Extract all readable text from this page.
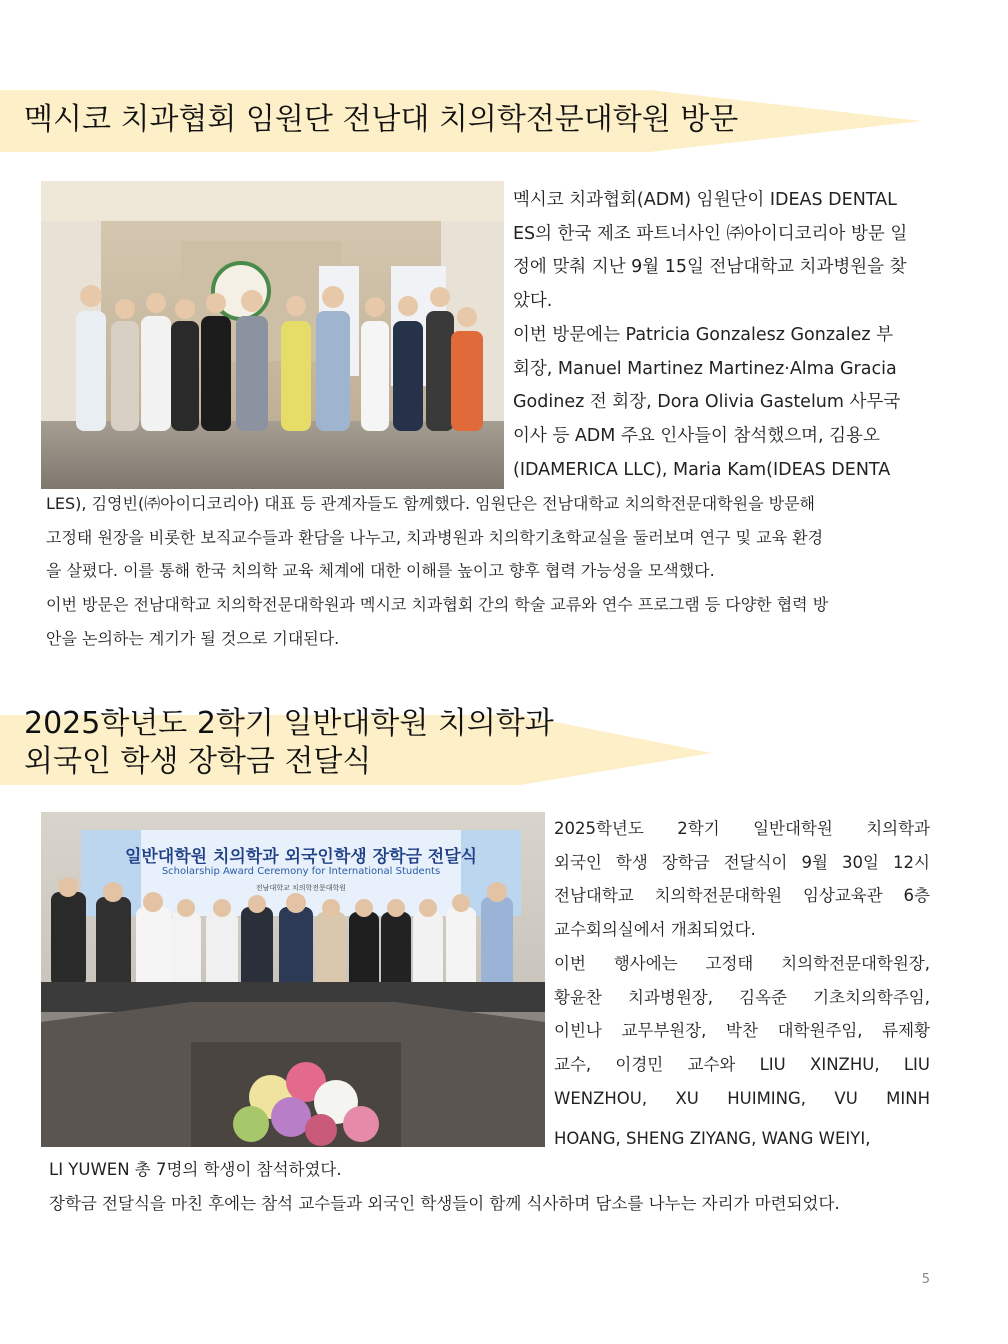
멕시코 치과협회 임원단 전남대 치의학전문대학원 방문

멕시코 치과협회(ADM) 임원단이 IDEAS DENTAL

ES의 한국 제조 파트너사인 ㈜아이디코리아 방문 일

정에 맞춰 지난 9월 15일 전남대학교 치과병원을 찾

았다.

이번 방문에는 Patricia Gonzalesz Gonzalez 부

회장, Manuel Martinez Martinez·Alma Gracia

Godinez 전 회장, Dora Olivia Gastelum 사무국

이사 등 ADM 주요 인사들이 참석했으며, 김용오

(IDAMERICA LLC), Maria Kam(IDEAS DENTA

LES), 김영빈(㈜아이디코리아) 대표 등 관계자들도 함께했다. 임원단은 전남대학교 치의학전문대학원을 방문해

고정태 원장을 비롯한 보직교수들과 환담을 나누고, 치과병원과 치의학기초학교실을 둘러보며 연구 및 교육 환경

을 살폈다. 이를 통해 한국 치의학 교육 체계에 대한 이해를 높이고 향후 협력 가능성을 모색했다.

이번 방문은 전남대학교 치의학전문대학원과 멕시코 치과협회 간의 학술 교류와 연수 프로그램 등 다양한 협력 방

안을 논의하는 계기가 될 것으로 기대된다.

2025학년도 2학기 일반대학원 치의학과
외국인 학생 장학금 전달식
일반대학원 치의학과 외국인학생 장학금 전달식
Scholarship Award Ceremony for International Students
전남대학교 치의학전문대학원

2025학년도 2학기 일반대학원 치의학과

외국인 학생 장학금 전달식이 9월 30일 12시

전남대학교 치의학전문대학원 임상교육관 6층

교수회의실에서 개최되었다.

이번 행사에는 고정태 치의학전문대학원장,

황윤찬 치과병원장, 김옥준 기초치의학주임,

이빈나 교무부원장, 박찬 대학원주임, 류제황

교수, 이경민 교수와 LIU XINZHU, LIU

WENZHOU, XU HUIMING, VU MINH

HOANG, SHENG ZIYANG, WANG WEIYI,

LI YUWEN 총 7명의 학생이 참석하였다.

장학금 전달식을 마친 후에는 참석 교수들과 외국인 학생들이 함께 식사하며 담소를 나누는 자리가 마련되었다.

5
